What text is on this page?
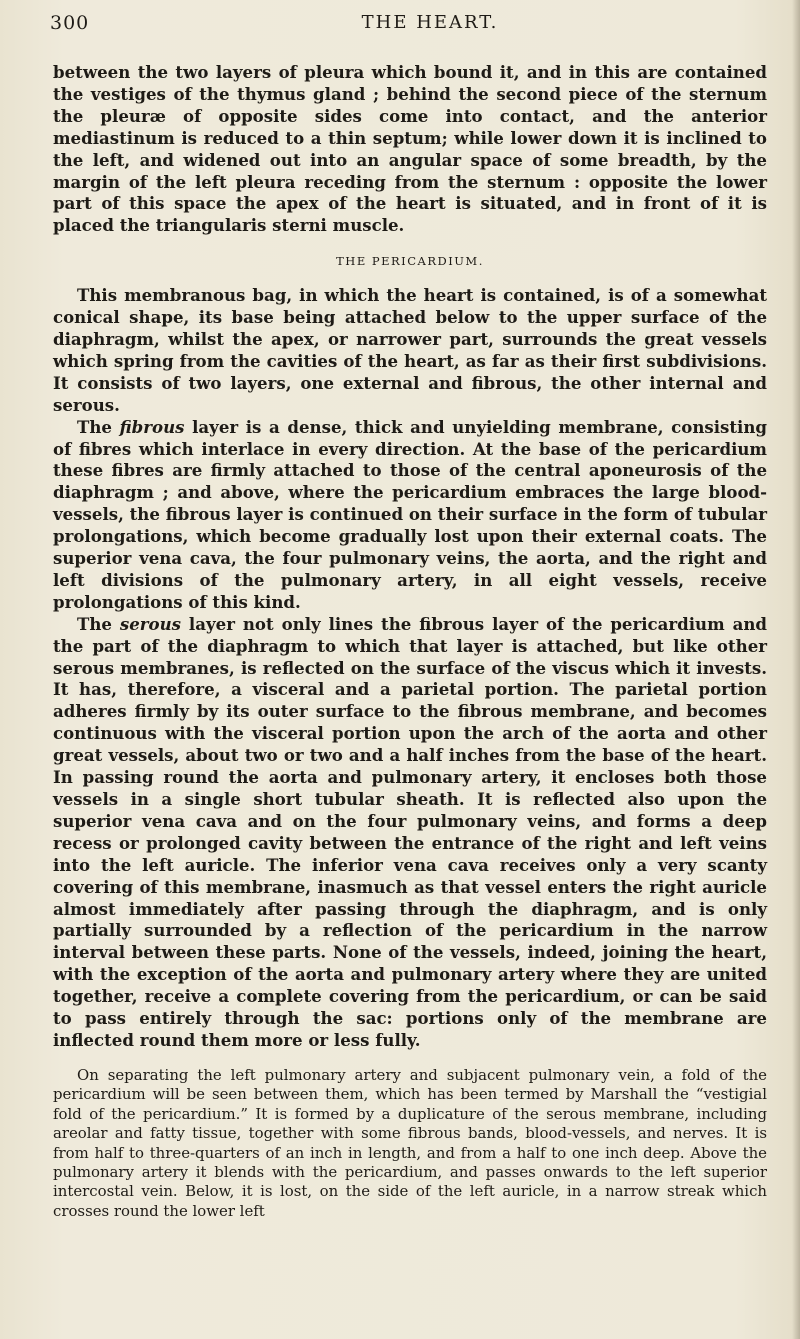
300	THE HEART.

between the two layers of pleura which bound it, and in this are contained the vestiges of the thymus gland ; behind the second piece of the sternum the pleuræ of opposite sides come into contact, and the anterior mediastinum is reduced to a thin septum; while lower down it is inclined to the left, and widened out into an angular space of some breadth, by the margin of the left pleura receding from the sternum : opposite the lower part of this space the apex of the heart is situated, and in front of it is placed the triangularis sterni muscle.

THE PERICARDIUM.

This membranous bag, in which the heart is contained, is of a somewhat conical shape, its base being attached below to the upper surface of the diaphragm, whilst the apex, or narrower part, surrounds the great vessels which spring from the cavities of the heart, as far as their first subdivisions. It consists of two layers, one external and fibrous, the other internal and serous.

The fibrous layer is a dense, thick and unyielding membrane, consisting of fibres which interlace in every direction. At the base of the pericardium these fibres are firmly attached to those of the central aponeurosis of the diaphragm ; and above, where the pericardium embraces the large blood-vessels, the fibrous layer is continued on their surface in the form of tubular prolongations, which become gradually lost upon their external coats. The superior vena cava, the four pulmonary veins, the aorta, and the right and left divisions of the pulmonary artery, in all eight vessels, receive prolongations of this kind.

The serous layer not only lines the fibrous layer of the pericardium and the part of the diaphragm to which that layer is attached, but like other serous membranes, is reflected on the surface of the viscus which it invests. It has, therefore, a visceral and a parietal portion. The parietal portion adheres firmly by its outer surface to the fibrous membrane, and becomes continuous with the visceral portion upon the arch of the aorta and other great vessels, about two or two and a half inches from the base of the heart. In passing round the aorta and pulmonary artery, it encloses both those vessels in a single short tubular sheath. It is reflected also upon the superior vena cava and on the four pulmonary veins, and forms a deep recess or prolonged cavity between the entrance of the right and left veins into the left auricle. The inferior vena cava receives only a very scanty covering of this membrane, inasmuch as that vessel enters the right auricle almost immediately after passing through the diaphragm, and is only partially surrounded by a reflection of the pericardium in the narrow interval between these parts. None of the vessels, indeed, joining the heart, with the exception of the aorta and pulmonary artery where they are united together, receive a complete covering from the pericardium, or can be said to pass entirely through the sac: portions only of the membrane are inflected round them more or less fully.

On separating the left pulmonary artery and subjacent pulmonary vein, a fold of the pericardium will be seen between them, which has been termed by Marshall the “vestigial fold of the pericardium.” It is formed by a duplicature of the serous membrane, including areolar and fatty tissue, together with some fibrous bands, blood-vessels, and nerves. It is from half to three-quarters of an inch in length, and from a half to one inch deep. Above the pulmonary artery it blends with the pericardium, and passes onwards to the left superior intercostal vein. Below, it is lost, on the side of the left auricle, in a narrow streak which crosses round the lower left
